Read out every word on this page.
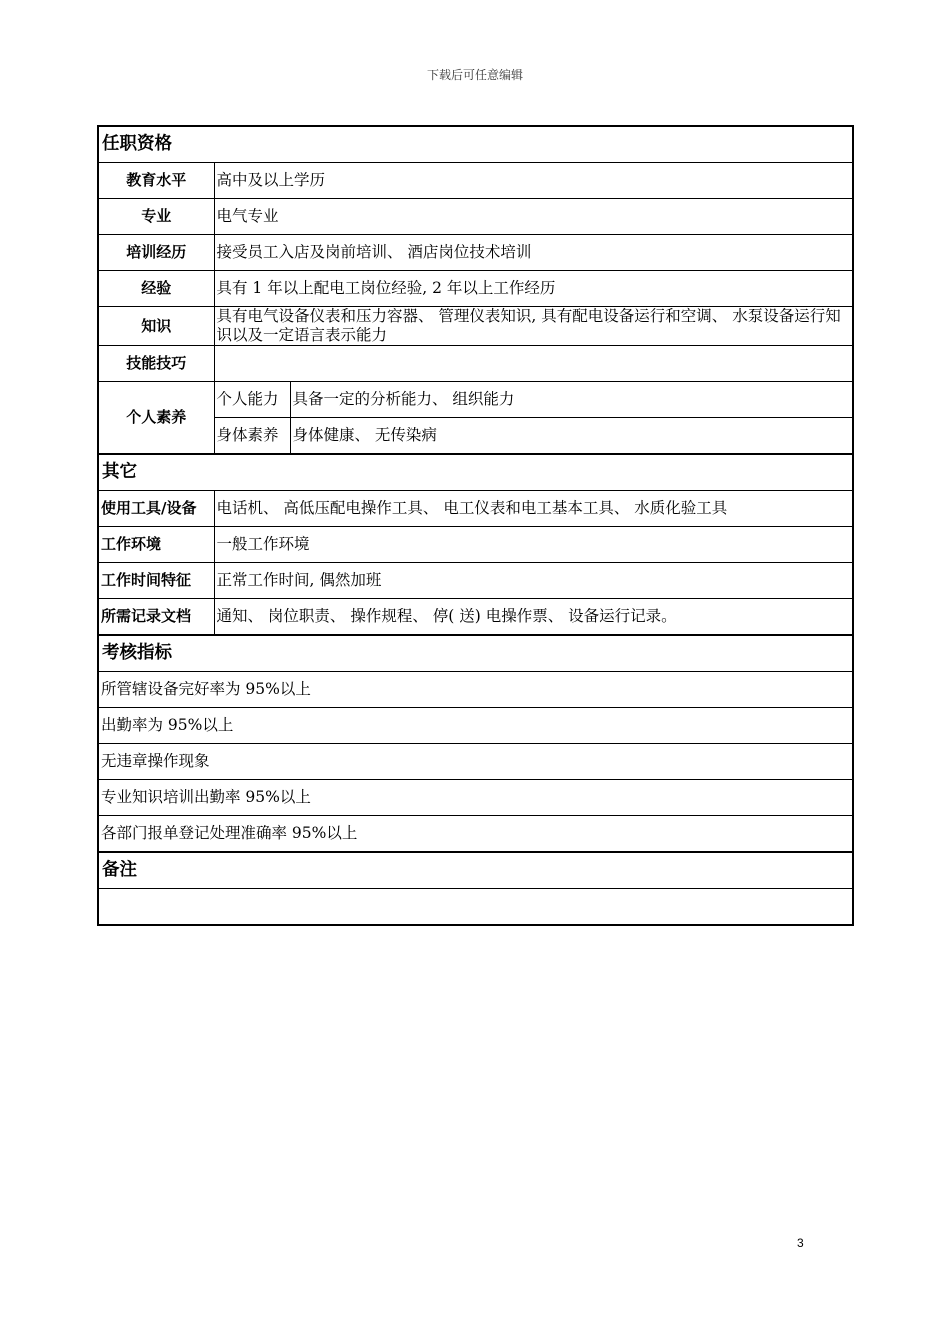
下载后可任意编辑
任职资格		
教育水平	高中及以上学历	
专业	电气专业	
培训经历	接受员工入店及岗前培训、 酒店岗位技术培训	
经验	具有 1 年以上配电工岗位经验, 2 年以上工作经历	
知识	具有电气设备仪表和压力容器、 管理仪表知识, 具有配电设备运行和空调、 水泵设备运行知识以及一定语言表示能力	
技能技巧		
个人素养	个人能力	具备一定的分析能力、 组织能力
	身体素养	身体健康、 无传染病
其它		
使用工具/设备	电话机、 高低压配电操作工具、 电工仪表和电工基本工具、 水质化验工具	
工作环境	一般工作环境	
工作时间特征	正常工作时间, 偶然加班	
所需记录文档	通知、 岗位职责、 操作规程、 停( 送) 电操作票、 设备运行记录。	
考核指标		
所管辖设备完好率为 95%以上		
出勤率为 95%以上		
无违章操作现象		
专业知识培训出勤率 95%以上		
各部门报单登记处理准确率 95%以上		
备注		

3
